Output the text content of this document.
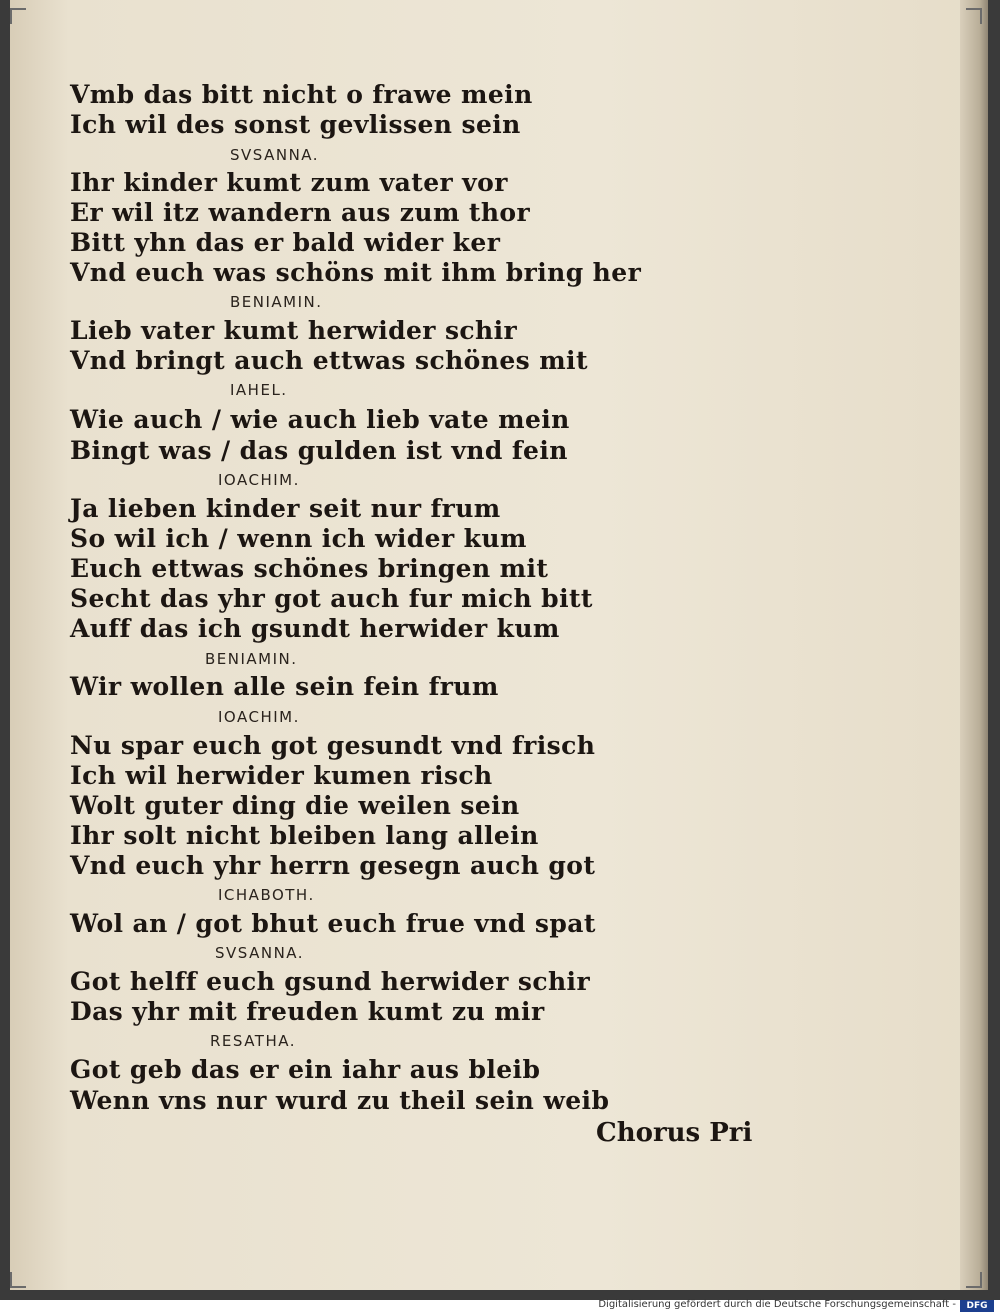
Vmb das bitt nicht o frawe mein
Ich wil des sonst gevlissen sein
SVSANNA.
Ihr kinder kumt zum vater vor
Er wil itz wandern aus zum thor
Bitt yhn das er bald wider ker
Vnd euch was schöns mit ihm bring her
BENIAMIN.
Lieb vater kumt herwider schir
Vnd bringt auch ettwas schönes mit
IAHEL.
Wie auch / wie auch lieb vate mein
Bingt was / das gulden ist vnd fein
IOACHIM.
Ja lieben kinder seit nur frum
So wil ich / wenn ich wider kum
Euch ettwas schönes bringen mit
Secht das yhr got auch fur mich bitt
Auff das ich gsundt herwider kum
BENIAMIN.
Wir wollen alle sein fein frum
IOACHIM.
Nu spar euch got gesundt vnd frisch
Ich wil herwider kumen risch
Wolt guter ding die weilen sein
Ihr solt nicht bleiben lang allein
Vnd euch yhr herrn gesegn auch got
ICHABOTH.
Wol an / got bhut euch frue vnd spat
SVSANNA.
Got helff euch gsund herwider schir
Das yhr mit freuden kumt zu mir
RESATHA.
Got geb das er ein iahr aus bleib
Wenn vns nur wurd zu theil sein weib
Chorus Pri
Digitalisierung gefördert durch die Deutsche Forschungsgemeinschaft -	DFG
